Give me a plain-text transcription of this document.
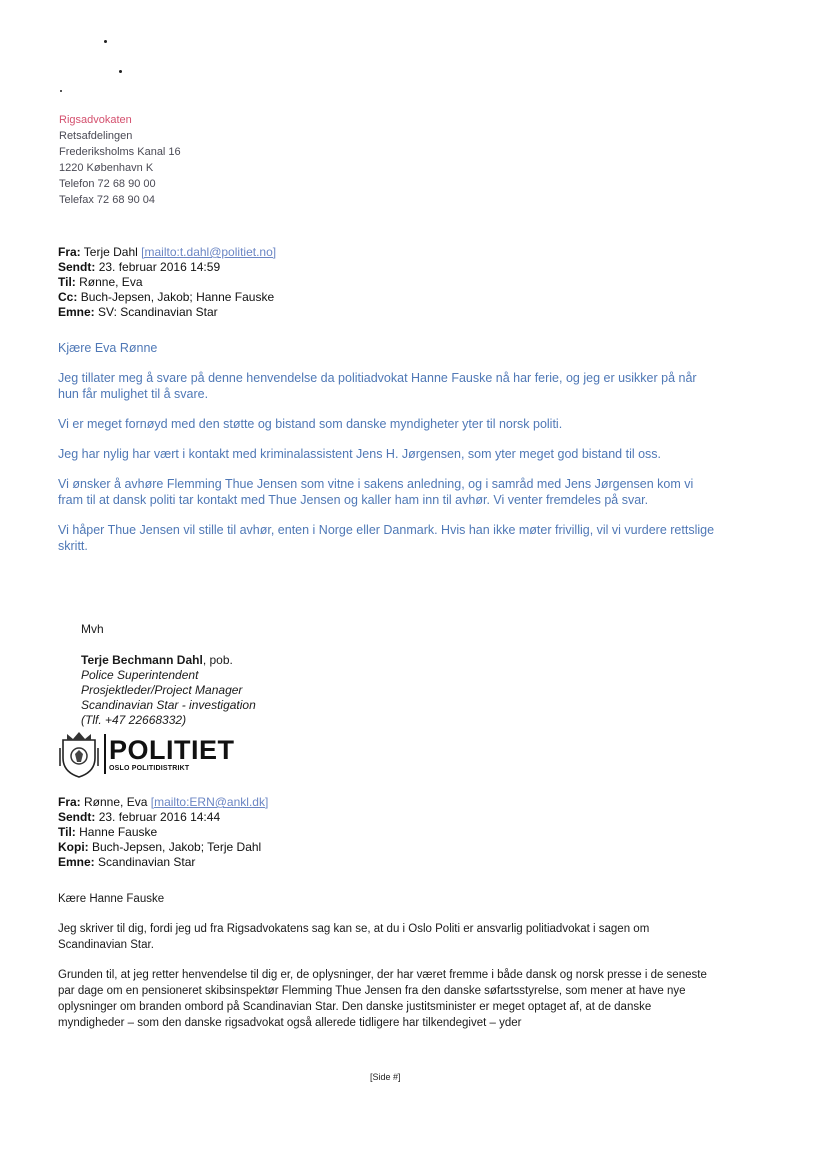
Rigsadvokaten
Retsafdelingen
Frederiksholms Kanal 16
1220 København K
Telefon 72 68 90 00
Telefax 72 68 90 04
Fra: Terje Dahl [mailto:t.dahl@politiet.no]
Sendt: 23. februar 2016 14:59
Til: Rønne, Eva
Cc: Buch-Jepsen, Jakob; Hanne Fauske
Emne: SV: Scandinavian Star

Kjære Eva Rønne

Jeg tillater meg å svare på denne henvendelse da politiadvokat Hanne Fauske nå har ferie, og jeg er usikker på når hun får mulighet til å svare.

Vi er meget fornøyd med den støtte og bistand som danske myndigheter yter til norsk politi.

Jeg har nylig har vært i kontakt med kriminalassistent Jens H. Jørgensen, som yter meget god bistand til oss.

Vi ønsker å avhøre Flemming Thue Jensen som vitne i sakens anledning, og i samråd med Jens Jørgensen kom vi fram til at dansk politi tar kontakt med Thue Jensen og kaller ham inn til avhør. Vi venter fremdeles på svar.

Vi håper Thue Jensen vil stille til avhør, enten i Norge eller Danmark. Hvis han ikke møter frivillig, vil vi vurdere rettslige skritt.

Mvh
Terje Bechmann Dahl, pob.
Police Superintendent
Prosjektleder/Project Manager
Scandinavian Star - investigation
(Tlf. +47 22668332)
POLITIET
OSLO POLITIDISTRIKT
Fra: Rønne, Eva [mailto:ERN@ankl.dk]
Sendt: 23. februar 2016 14:44
Til: Hanne Fauske
Kopi: Buch-Jepsen, Jakob; Terje Dahl
Emne: Scandinavian Star

Kære Hanne Fauske

Jeg skriver til dig, fordi jeg ud fra Rigsadvokatens sag kan se, at du i Oslo Politi er ansvarlig politiadvokat i sagen om Scandinavian Star.

Grunden til, at jeg retter henvendelse til dig er, de oplysninger, der har været fremme i både dansk og norsk presse i de seneste par dage om en pensioneret skibsinspektør Flemming Thue Jensen fra den danske søfartsstyrelse, som mener at have nye oplysninger om branden ombord på Scandinavian Star. Den danske justitsminister er meget optaget af, at de danske myndigheder – som den danske rigsadvokat også allerede tidligere har tilkendegivet – yder

[Side #]
